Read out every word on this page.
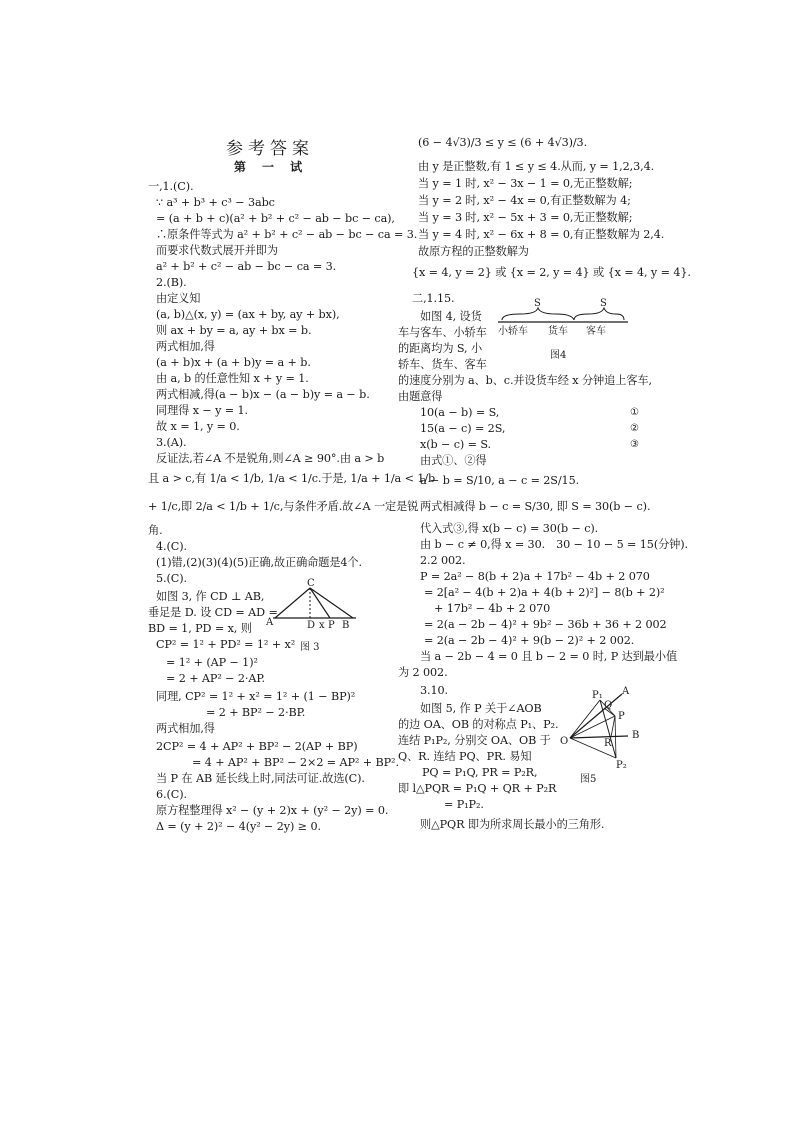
参考答案
第 一 试
一,1.(C).
∵ a³ + b³ + c³ − 3abc
= (a + b + c)(a² + b² + c² − ab − bc − ca),
∴原条件等式为 a² + b² + c² − ab − bc − ca = 3.
而要求代数式展开并即为
a² + b² + c² − ab − bc − ca = 3.
2.(B).
由定义知
(a, b)△(x, y) = (ax + by, ay + bx),
则 ax + by = a, ay + bx = b.
两式相加,得
(a + b)x + (a + b)y = a + b.
由 a, b 的任意性知 x + y = 1.
两式相减,得(a − b)x − (a − b)y = a − b.
同理得 x − y = 1.
故 x = 1, y = 0.
3.(A).
反证法,若∠A 不是锐角,则∠A ≥ 90°.由 a > b
且 a > c,有 1/a < 1/b, 1/a < 1/c.于是, 1/a + 1/a < 1/b
+ 1/c,即 2/a < 1/b + 1/c,与条件矛盾.故∠A 一定是锐
角.
4.(C).
(1)错,(2)(3)(4)(5)正确,故正确命题是4个.
5.(C).
如图 3, 作 CD ⊥ AB,
垂足是 D. 设 CD = AD =
BD = 1, PD = x, 则
CP² = 1² + PD² = 1² + x²
= 1² + (AP − 1)²
= 2 + AP² − 2·AP.
同理, CP² = 1² + x² = 1² + (1 − BP)²
= 2 + BP² − 2·BP.
两式相加,得
2CP² = 4 + AP² + BP² − 2(AP + BP)
= 4 + AP² + BP² − 2×2 = AP² + BP².
当 P 在 AB 延长线上时,同法可证.故选(C).
6.(C).
原方程整理得 x² − (y + 2)x + (y² − 2y) = 0.
Δ = (y + 2)² − 4(y² − 2y) ≥ 0.
C
A	D x P B
图 3
(6 − 4√3)/3 ≤ y ≤ (6 + 4√3)/3.
由 y 是正整数,有 1 ≤ y ≤ 4.从而, y = 1,2,3,4.
当 y = 1 时, x² − 3x − 1 = 0,无正整数解;
当 y = 2 时, x² − 4x = 0,有正整数解为 4;
当 y = 3 时, x² − 5x + 3 = 0,无正整数解;
当 y = 4 时, x² − 6x + 8 = 0,有正整数解为 2,4.
故原方程的正整数解为
{x = 4, y = 2} 或 {x = 2, y = 4} 或 {x = 4, y = 4}.
二,1.15.
如图 4, 设货
车与客车、小轿车
的距离均为 S, 小
轿车、货车、客车
的速度分别为 a、b、c.并设货车经 x 分钟追上客车,
由题意得
10(a − b) = S,	①
15(a − c) = 2S,	②
x(b − c) = S.	③
由式①、②得
a − b = S/10, a − c = 2S/15.
两式相减得 b − c = S/30, 即 S = 30(b − c).
代入式③,得 x(b − c) = 30(b − c).
由 b − c ≠ 0,得 x = 30.　30 − 10 − 5 = 15(分钟).
2.2 002.
P = 2a² − 8(b + 2)a + 17b² − 4b + 2 070
= 2[a² − 4(b + 2)a + 4(b + 2)²] − 8(b + 2)²
+ 17b² − 4b + 2 070
= 2(a − 2b − 4)² + 9b² − 36b + 36 + 2 002
= 2(a − 2b − 4)² + 9(b − 2)² + 2 002.
当 a − 2b − 4 = 0 且 b − 2 = 0 时, P 达到最小值
为 2 002.
3.10.
如图 5, 作 P 关于∠AOB
的边 OA、OB 的对称点 P₁、P₂.
连结 P₁P₂, 分别交 OA、OB 于
Q、R. 连结 PQ、PR. 易知
PQ = P₁Q, PR = P₂R,
即 l△PQR = P₁Q + QR + P₂R
= P₁P₂.
则△PQR 即为所求周长最小的三角形.
S	S
小轿车 货车 客车
图4
P₁ A
Q
P
O	R
B
P₂
图5
